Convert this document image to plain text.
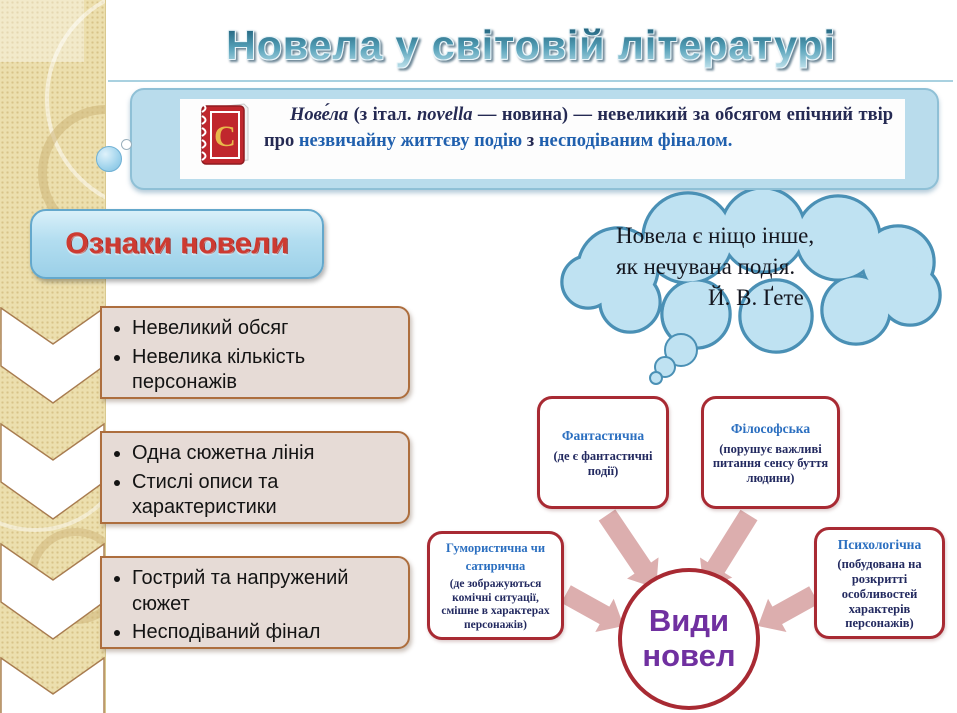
Новела у світовій літературі
С
Нове́ла (з італ. novella — новина) — невеликий за обсягом епічний твір про незвичайну життєву подію з несподіваним фіналом.
Ознаки новели
• Невеликий обсяг
• Невелика кількість персонажів
• Одна сюжетна лінія
• Стислі описи та характеристики
• Гострий та напружений сюжет
• Несподіваний фінал
Новела є ніщо інше,
як нечувана подія.
Й. В. Ґете
Фантастична
(де є фантастичні події)
Філософська
(порушує важливі питання сенсу буття людини)
Гумористична чи сатирична
(де зображуються комічні ситуації, смішне в характерах персонажів)
Психологічна
(побудована на розкритті особливостей характерів персонажів)
Види
новел
